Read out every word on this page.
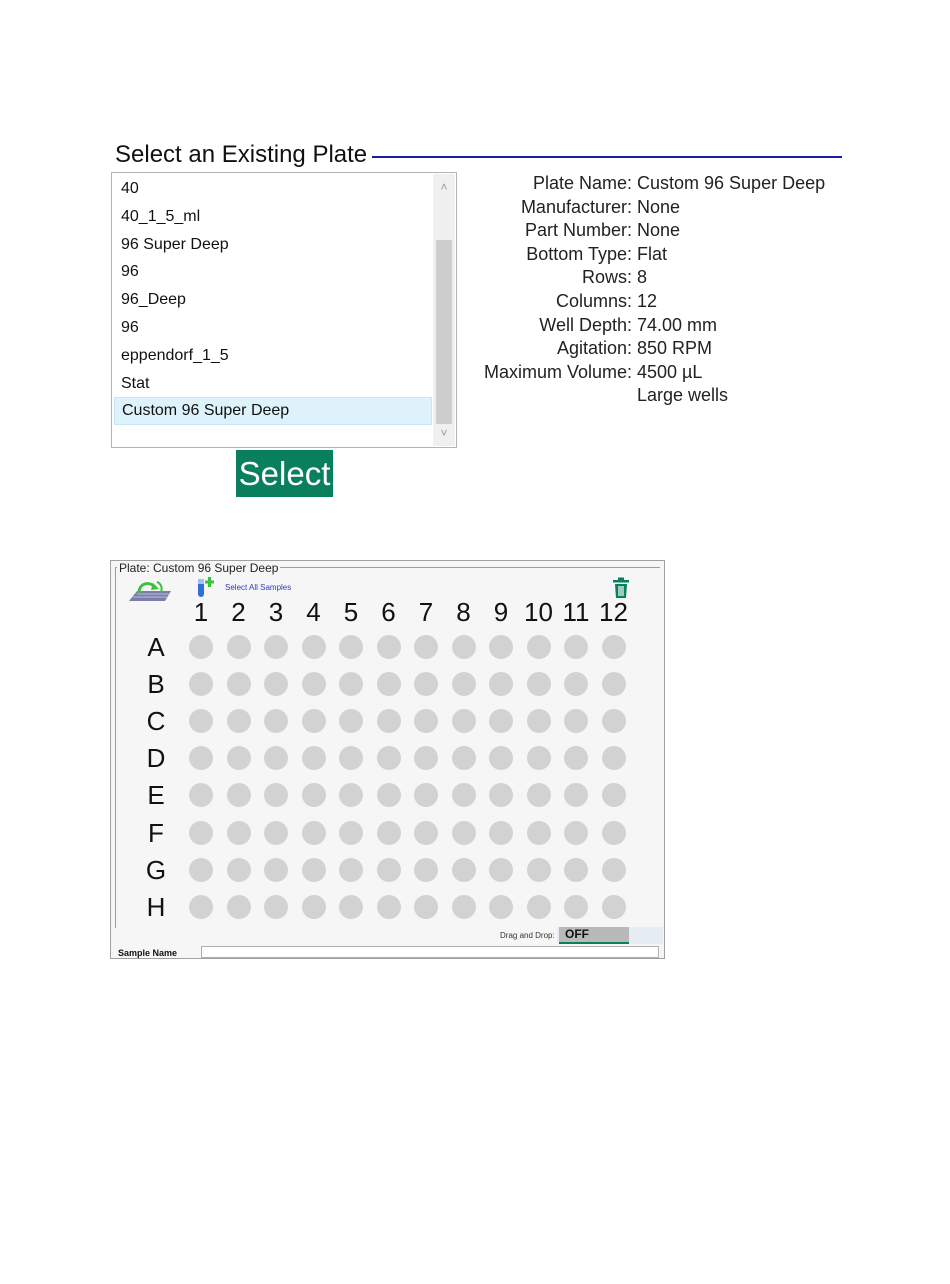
Select an Existing Plate
40
40_1_5_ml
96 Super Deep
96
96_Deep
96
eppendorf_1_5
Stat
Custom 96 Super Deep
˄
˅
Select
Plate Name: Custom 96 Super Deep
Manufacturer: None
Part Number: None
Bottom Type: Flat
Rows: 8
Columns: 12
Well Depth:74.00 mm
Agitation: 850 RPM
Maximum Volume: 4500 µL
Large wells
Plate: Custom 96 Super Deep
Select All Samples
1 2 3 4 5 6 7 8 9 10 11 12
A
B
C
D
E
F
G
H
Drag and Drop: OFF
Sample Name
